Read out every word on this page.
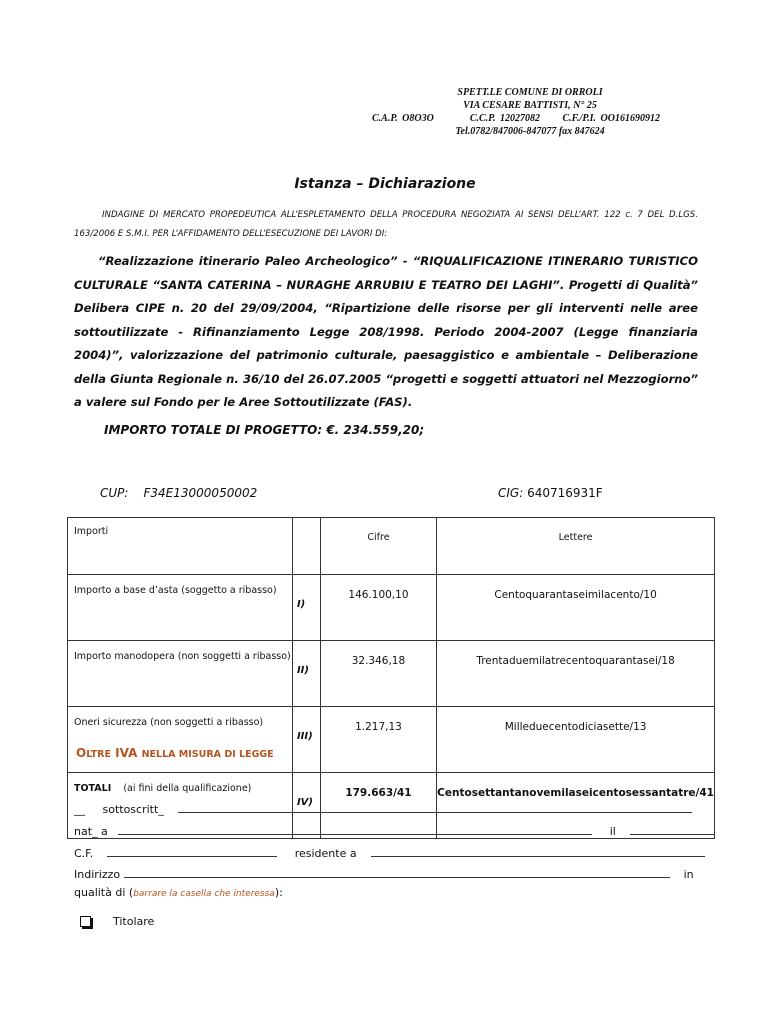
SPETT.LE COMUNE DI ORROLI
VIA CESARE BATTISTI, N° 25
C.A.P. O8O3O	C.C.P. 12027082 C.F./P.I. OO161690912
Tel.0782/847006-847077 fax 847624
Istanza – Dichiarazione
INDAGINE DI MERCATO PROPEDEUTICA ALL’ESPLETAMENTO DELLA PROCEDURA NEGOZIATA AI SENSI DELL’ART. 122 c. 7 DEL D.LGS. 163/2006 E S.M.I. PER L’AFFIDAMENTO DELL’ESECUZIONE DEI LAVORI DI:
“Realizzazione itinerario Paleo Archeologico” - “RIQUALIFICAZIONE ITINERARIO TURISTICO CULTURALE “SANTA CATERINA – NURAGHE ARRUBIU E TEATRO DEI LAGHI”. Progetti di Qualità” Delibera CIPE n. 20 del 29/09/2004, “Ripartizione delle risorse per gli interventi nelle aree sottoutilizzate - Rifinanziamento Legge 208/1998. Periodo 2004-2007 (Legge finanziaria 2004)”, valorizzazione del patrimonio culturale, paesaggistico e ambientale – Deliberazione della Giunta Regionale n. 36/10 del 26.07.2005 “progetti e soggetti attuatori nel Mezzogiorno” a valere sul Fondo per le Aree Sottoutilizzate (FAS).
IMPORTO TOTALE DI PROGETTO: €. 234.559,20;
CUP: F34E13000050002	CIG: 640716931F
Importi		Cifre	Lettere
Importo a base d’asta (soggetto a ribasso)	I)	146.100,10	Centoquarantaseimilacento/10
Importo manodopera (non soggetti a ribasso)	II)	32.346,18	Trentaduemilatrecentoquarantasei/18
Oneri sicurezza (non soggetti a ribasso)	III)	1.217,13	Milleduecentodiciasette/13
TOTALI (ai fini della qualificazione)	IV)	179.663/41	Centosettantanovemilaseicentosessantatre/41
OLTRE IVA NELLA MISURA DI LEGGE
__ sottoscritt_
nat_ a	il
C.F.	residente a
Indirizzo	in
qualità di (barrare la casella che interessa):
Titolare
